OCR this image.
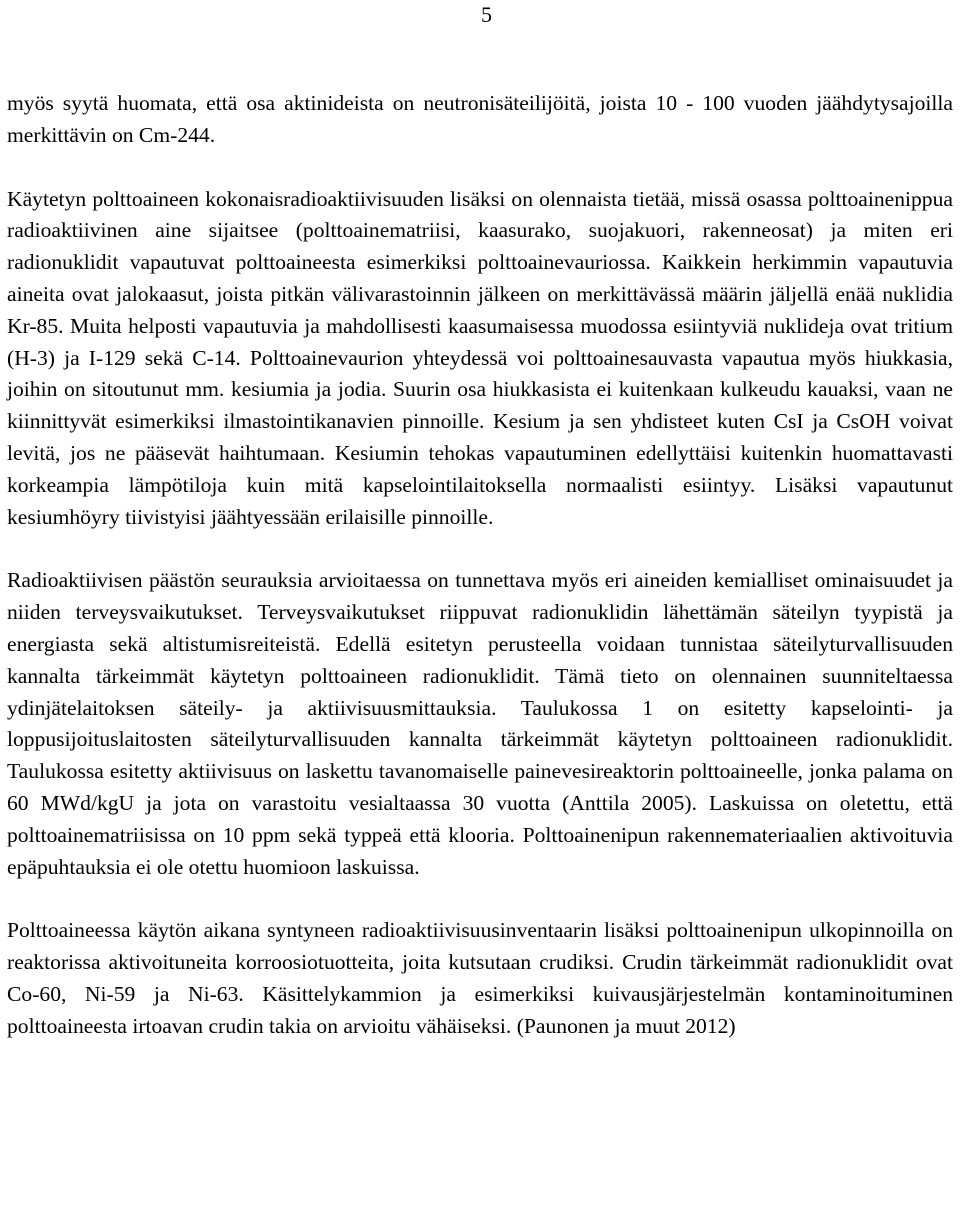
5

myös syytä huomata, että osa aktinideista on neutronisäteilijöitä, joista 10 - 100 vuoden jäähdytysajoilla merkittävin on Cm-244.

Käytetyn polttoaineen kokonaisradioaktiivisuuden lisäksi on olennaista tietää, missä osassa polttoainenippua radioaktiivinen aine sijaitsee (polttoainematriisi, kaasurako, suojakuori, rakenneosat) ja miten eri radionuklidit vapautuvat polttoaineesta esimerkiksi polttoainevauriossa. Kaikkein herkimmin vapautuvia aineita ovat jalokaasut, joista pitkän välivarastoinnin jälkeen on merkittävässä määrin jäljellä enää nuklidia Kr-85. Muita helposti vapautuvia ja mahdollisesti kaasumaisessa muodossa esiintyviä nuklideja ovat tritium (H-3) ja I-129 sekä C-14. Polttoainevaurion yhteydessä voi polttoainesauvasta vapautua myös hiukkasia, joihin on sitoutunut mm. kesiumia ja jodia. Suurin osa hiukkasista ei kuitenkaan kulkeudu kauaksi, vaan ne kiinnittyvät esimerkiksi ilmastointikanavien pinnoille. Kesium ja sen yhdisteet kuten CsI ja CsOH voivat levitä, jos ne pääsevät haihtumaan. Kesiumin tehokas vapautuminen edellyttäisi kuitenkin huomattavasti korkeampia lämpötiloja kuin mitä kapselointilaitoksella normaalisti esiintyy. Lisäksi vapautunut kesiumhöyry tiivistyisi jäähtyessään erilaisille pinnoille.

Radioaktiivisen päästön seurauksia arvioitaessa on tunnettava myös eri aineiden kemialliset ominaisuudet ja niiden terveysvaikutukset. Terveysvaikutukset riippuvat radionuklidin lähettämän säteilyn tyypistä ja energiasta sekä altistumisreiteistä. Edellä esitetyn perusteella voidaan tunnistaa säteilyturvallisuuden kannalta tärkeimmät käytetyn polttoaineen radionuklidit. Tämä tieto on olennainen suunniteltaessa ydinjätelaitoksen säteily- ja aktiivisuusmittauksia. Taulukossa 1 on esitetty kapselointi- ja loppusijoituslaitosten säteilyturvallisuuden kannalta tärkeimmät käytetyn polttoaineen radionuklidit. Taulukossa esitetty aktiivisuus on laskettu tavanomaiselle painevesireaktorin polttoaineelle, jonka palama on 60 MWd/kgU ja jota on varastoitu vesialtaassa 30 vuotta (Anttila 2005). Laskuissa on oletettu, että polttoainematriisissa on 10 ppm sekä typpeä että klooria. Polttoainenipun rakennemateriaalien aktivoituvia epäpuhtauksia ei ole otettu huomioon laskuissa.

Polttoaineessa käytön aikana syntyneen radioaktiivisuusinventaarin lisäksi polttoainenipun ulkopinnoilla on reaktorissa aktivoituneita korroosiotuotteita, joita kutsutaan crudiksi. Crudin tärkeimmät radionuklidit ovat Co-60, Ni-59 ja Ni-63. Käsittelykammion ja esimerkiksi kuivausjärjestelmän kontaminoituminen polttoaineesta irtoavan crudin takia on arvioitu vähäiseksi. (Paunonen ja muut 2012)
